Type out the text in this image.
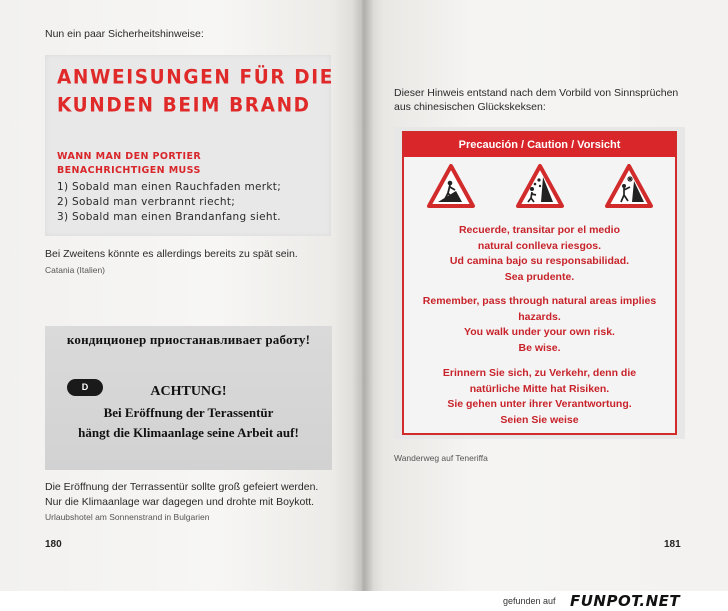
Nun ein paar Sicherheitshinweise:
ANWEISUNGEN FÜR DIE
KUNDEN BEIM BRAND
WANN MAN DEN PORTIER
BENACHRICHTIGEN MUSS
1) Sobald man einen Rauchfaden merkt;
2) Sobald man verbrannt riecht;
3) Sobald man einen Brandanfang sieht.
Bei Zweitens könnte es allerdings bereits zu spät sein.
Catania (Italien)
кондиционер приостанавливает работу!
D	ACHTUNG!
Bei Eröffnung der Terassentür
hängt die Klimaanlage seine Arbeit auf!
Die Eröffnung der Terrassentür sollte groß gefeiert werden.
Nur die Klimaanlage war dagegen und drohte mit Boykott.
Urlaubshotel am Sonnenstrand in Bulgarien
180
Dieser Hinweis entstand nach dem Vorbild von Sinnsprüchen
aus chinesischen Glückskeksen:
Precaución / Caution / Vorsicht
Recuerde, transitar por el medio
natural conlleva riesgos.
Ud camina bajo su responsabilidad.
Sea prudente.
Remember, pass through natural areas implies
hazards.
You walk under your own risk.
Be wise.
Erinnern Sie sich, zu Verkehr, denn die
natürliche Mitte hat Risiken.
Sie gehen unter ihrer Verantwortung.
Seien Sie weise
Wanderweg auf Teneriffa
181
gefunden auf FUNPOT.NET
